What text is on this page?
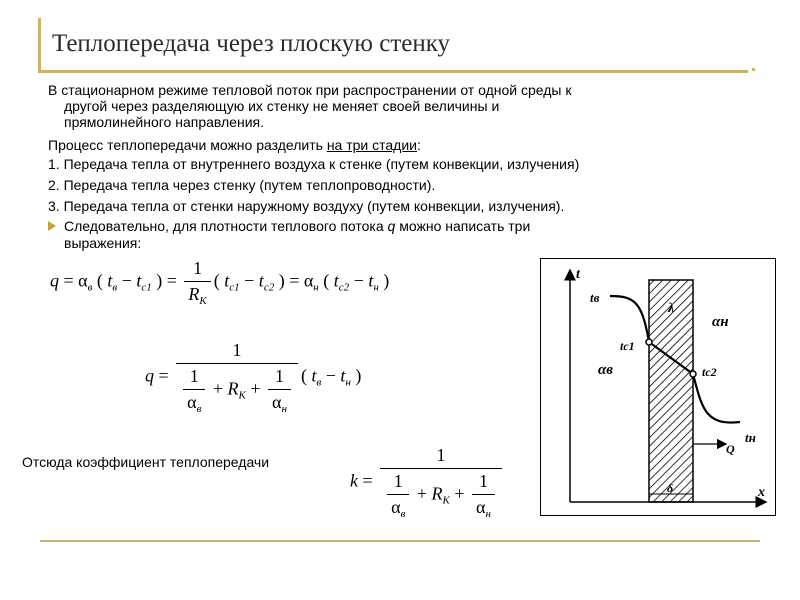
Теплопередача через плоскую стенку
В стационарном режиме тепловой поток при распространении от одной среды к
другой через разделяющую их стенку не меняет своей величины и
прямолинейного направления.
Процесс теплопередачи можно разделить на три стадии:
1. Передача тепла от внутреннего воздуха к стенке (путем конвекции, излучения)
2. Передача тепла через стенку (путем теплопроводности).
3. Передача тепла от стенки наружному воздуху (путем конвекции, излучения).
Следовательно, для плотности теплового потока q можно написать три
выражения:
$q = \alpha_в$ ( $t_в - t_{c1}$ ) = $\frac{1}{R_K}$ ( $t_{c1} - t_{c2}$ ) = $\alpha_н$ ( $t_{c2} - t_н$ )
$q = \frac{1}{\frac{1}{\alpha_в} + R_K + \frac{1}{\alpha_н}}$ ( $t_в - t_н$ )
Отсюда коэффициент теплопередачи
$k = \frac{1}{\frac{1}{\alpha_в} + R_K + \frac{1}{\alpha_н}}$
t
x
tв
tc1
tc2
tн
λ
αн
αв
Q
δ
